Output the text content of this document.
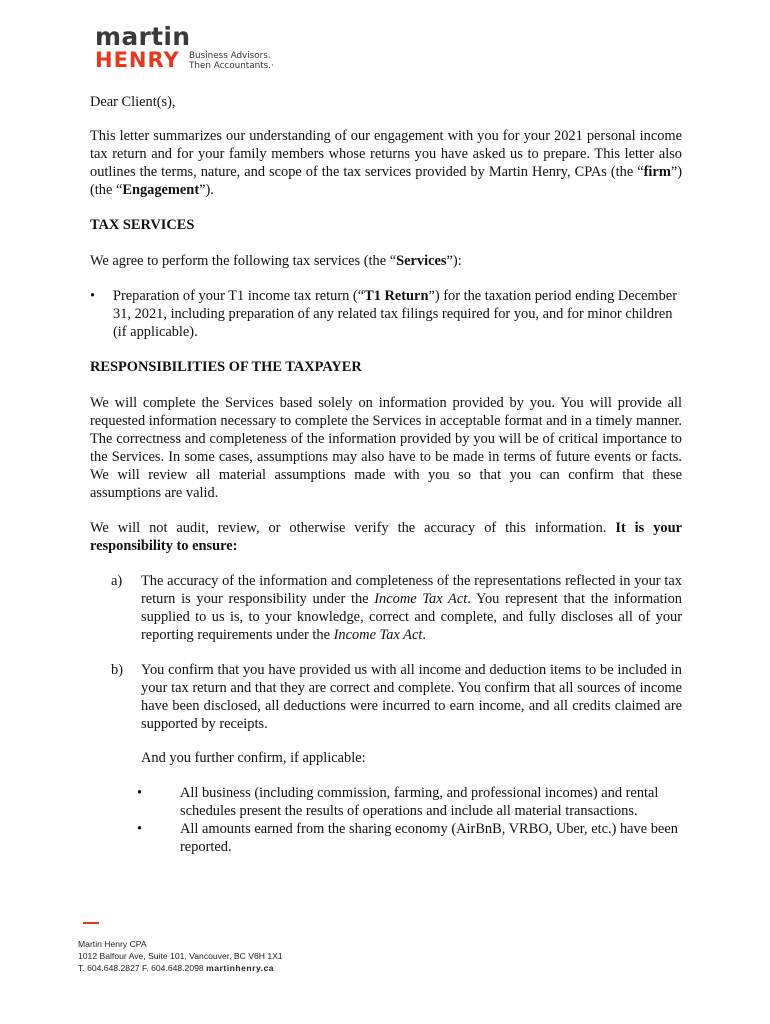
martin
HENRY Business Advisors.
Then Accountants.·

Dear Client(s),

This letter summarizes our understanding of our engagement with you for your 2021 personal income tax return and for your family members whose returns you have asked us to prepare. This letter also outlines the terms, nature, and scope of the tax services provided by Martin Henry, CPAs (the “firm”) (the “Engagement”).

TAX SERVICES

We agree to perform the following tax services (the “Services”):

•	Preparation of your T1 income tax return (“T1 Return”) for the taxation period ending December 31, 2021, including preparation of any related tax filings required for you, and for minor children (if applicable).

RESPONSIBILITIES OF THE TAXPAYER

We will complete the Services based solely on information provided by you. You will provide all requested information necessary to complete the Services in acceptable format and in a timely manner. The correctness and completeness of the information provided by you will be of critical importance to the Services. In some cases, assumptions may also have to be made in terms of future events or facts. We will review all material assumptions made with you so that you can confirm that these assumptions are valid.

We will not audit, review, or otherwise verify the accuracy of this information. It is your responsibility to ensure:

a)	The accuracy of the information and completeness of the representations reflected in your tax return is your responsibility under the Income Tax Act. You represent that the information supplied to us is, to your knowledge, correct and complete, and fully discloses all of your reporting requirements under the Income Tax Act.
b)	You confirm that you have provided us with all income and deduction items to be included in your tax return and that they are correct and complete. You confirm that all sources of income have been disclosed, all deductions were incurred to earn income, and all credits claimed are supported by receipts.

And you further confirm, if applicable:

•	All business (including commission, farming, and professional incomes) and rental schedules present the results of operations and include all material transactions.
•	All amounts earned from the sharing economy (AirBnB, VRBO, Uber, etc.) have been reported.
Martin Henry CPA
1012 Balfour Ave, Suite 101, Vancouver, BC V6H 1X1
T. 604.648.2827 F. 604.648.2098 martinhenry.ca
